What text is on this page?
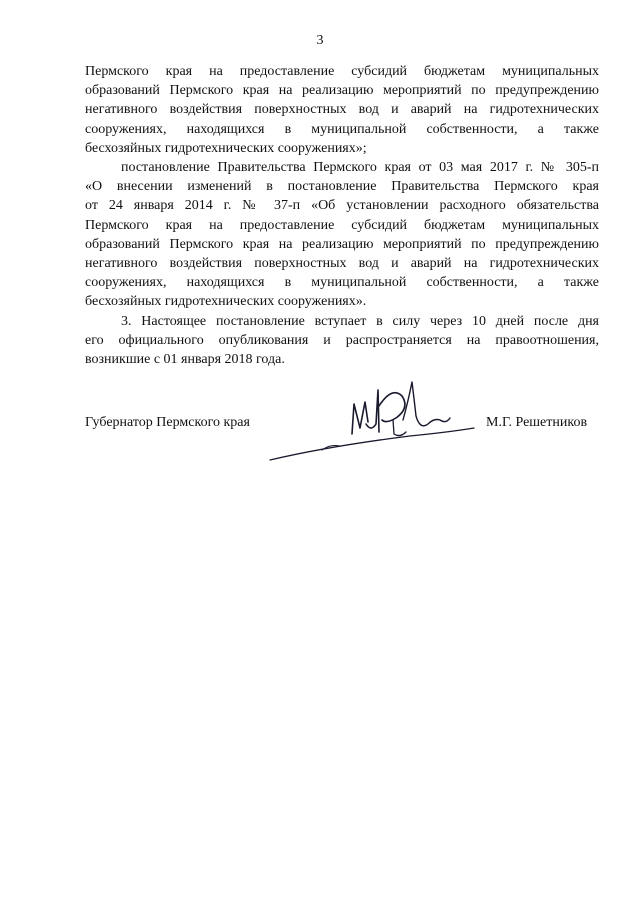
3

Пермского края на предоставление субсидий бюджетам муниципальных

образований Пермского края на реализацию мероприятий по предупреждению

негативного воздействия поверхностных вод и аварий на гидротехнических

сооружениях, находящихся в муниципальной собственности, а также

бесхозяйных гидротехнических сооружениях»;

постановление Правительства Пермского края от 03 мая 2017 г. № 305-п

«О внесении изменений в постановление Правительства Пермского края

от 24 января 2014 г. № 37-п «Об установлении расходного обязательства

Пермского края на предоставление субсидий бюджетам муниципальных

образований Пермского края на реализацию мероприятий по предупреждению

негативного воздействия поверхностных вод и аварий на гидротехнических

сооружениях, находящихся в муниципальной собственности, а также

бесхозяйных гидротехнических сооружениях».

3. Настоящее постановление вступает в силу через 10 дней после дня

его официального опубликования и распространяется на правоотношения,

возникшие с 01 января 2018 года.

Губернатор Пермского края	М.Г. Решетников
